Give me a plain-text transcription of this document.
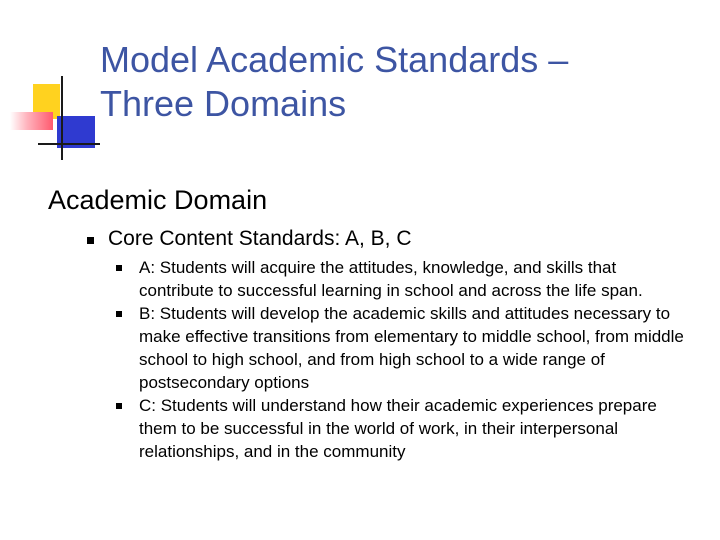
Model Academic Standards –
Three Domains

Academic Domain

Core Content Standards: A, B, C
A: Students will acquire the attitudes, knowledge, and skills that contribute to successful learning in school and across the life span.
B: Students will develop the academic skills and attitudes necessary to make effective transitions from elementary to middle school, from middle school to high school, and from high school to a wide range of postsecondary options
C: Students will understand how their academic experiences prepare them to be successful in the world of work, in their interpersonal relationships, and in the community
